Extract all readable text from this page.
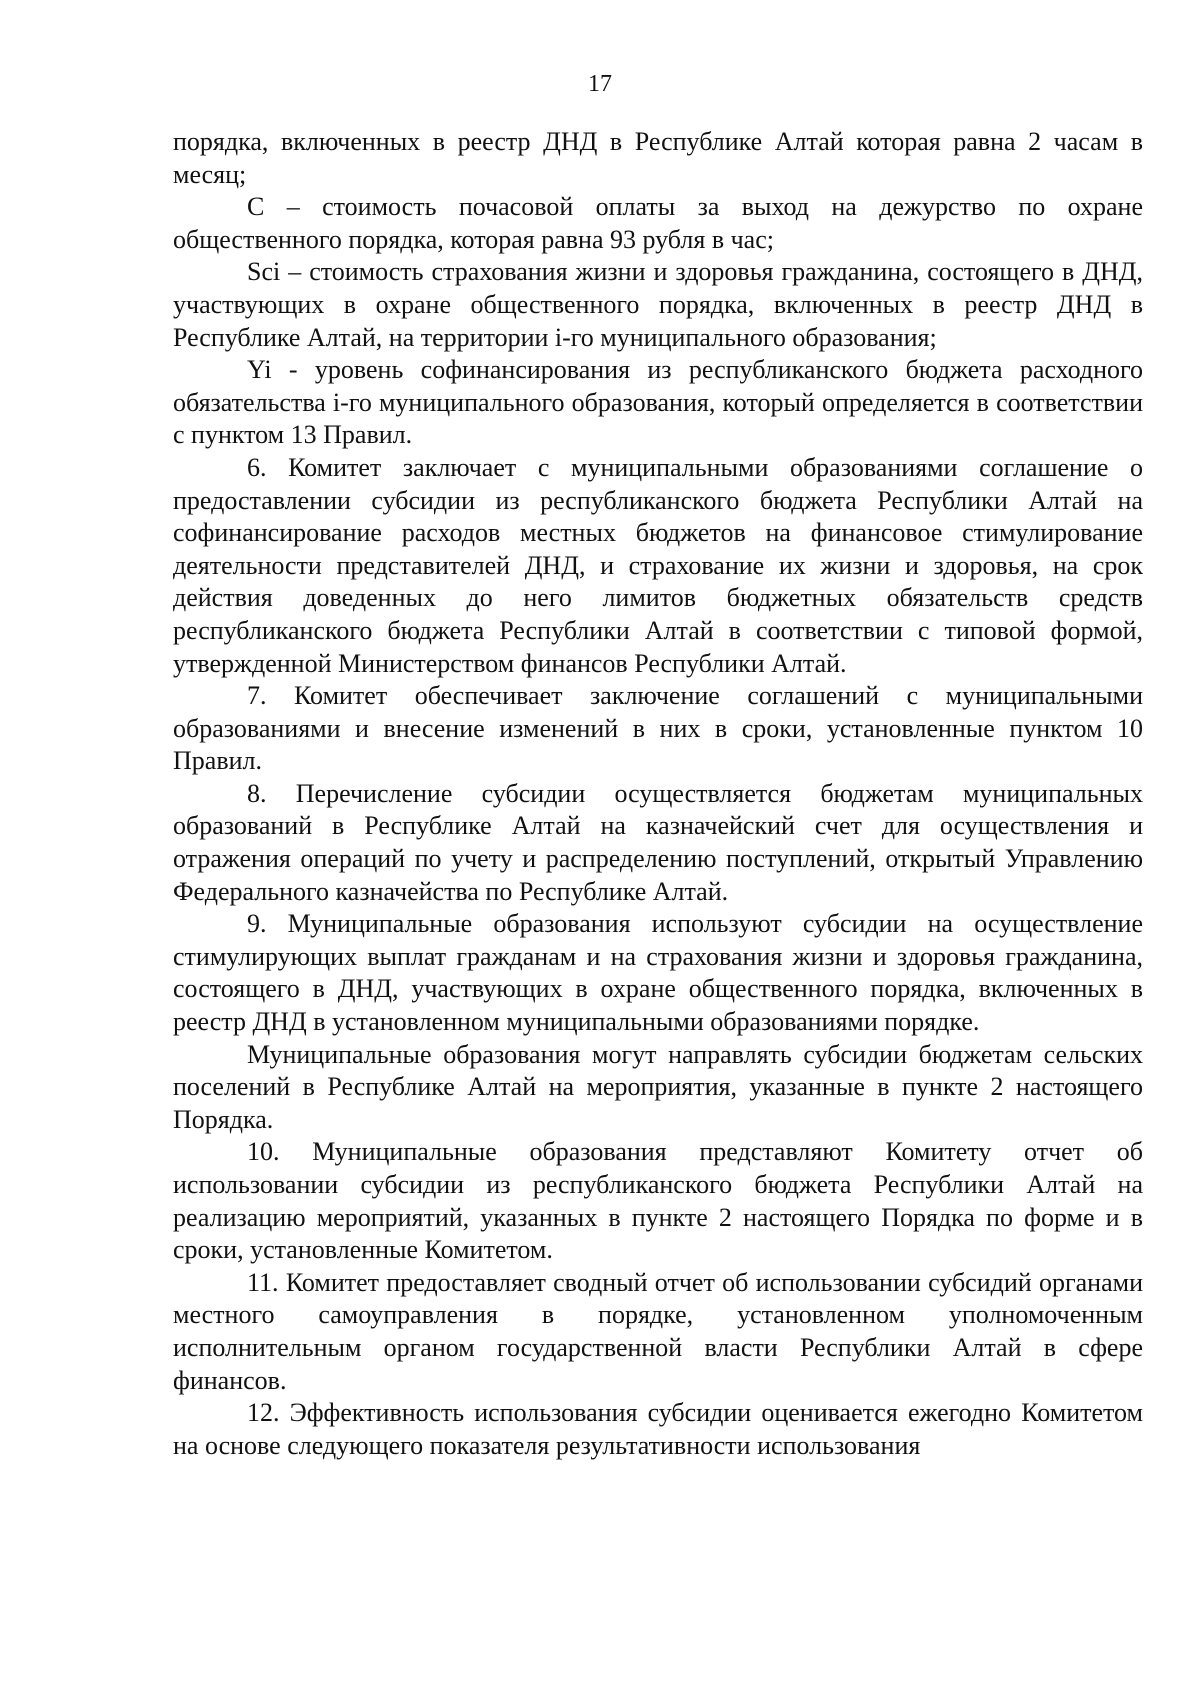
17

порядка, включенных в реестр ДНД в Республике Алтай которая равна 2 часам в месяц;

С – стоимость почасовой оплаты за выход на дежурство по охране общественного порядка, которая равна 93 рубля в час;

Sci – стоимость страхования жизни и здоровья гражданина, состоящего в ДНД, участвующих в охране общественного порядка, включенных в реестр ДНД в Республике Алтай, на территории i-го муниципального образования;

Yi - уровень софинансирования из республиканского бюджета расходного обязательства i-го муниципального образования, который определяется в соответствии с пунктом 13 Правил.

6. Комитет заключает с муниципальными образованиями соглашение о предоставлении субсидии из республиканского бюджета Республики Алтай на софинансирование расходов местных бюджетов на финансовое стимулирование деятельности представителей ДНД, и страхование их жизни и здоровья, на срок действия доведенных до него лимитов бюджетных обязательств средств республиканского бюджета Республики Алтай в соответствии с типовой формой, утвержденной Министерством финансов Республики Алтай.

7. Комитет обеспечивает заключение соглашений с муниципальными образованиями и внесение изменений в них в сроки, установленные пунктом 10 Правил.

8. Перечисление субсидии осуществляется бюджетам муниципальных образований в Республике Алтай на казначейский счет для осуществления и отражения операций по учету и распределению поступлений, открытый Управлению Федерального казначейства по Республике Алтай.

9. Муниципальные образования используют субсидии на осуществление стимулирующих выплат гражданам и на страхования жизни и здоровья гражданина, состоящего в ДНД, участвующих в охране общественного порядка, включенных в реестр ДНД в установленном муниципальными образованиями порядке.

Муниципальные образования могут направлять субсидии бюджетам сельских поселений в Республике Алтай на мероприятия, указанные в пункте 2 настоящего Порядка.

10. Муниципальные образования представляют Комитету отчет об использовании субсидии из республиканского бюджета Республики Алтай на реализацию мероприятий, указанных в пункте 2 настоящего Порядка по форме и в сроки, установленные Комитетом.

11. Комитет предоставляет сводный отчет об использовании субсидий органами местного самоуправления в порядке, установленном уполномоченным исполнительным органом государственной власти Республики Алтай в сфере финансов.

12. Эффективность использования субсидии оценивается ежегодно Комитетом на основе следующего показателя результативности использования
